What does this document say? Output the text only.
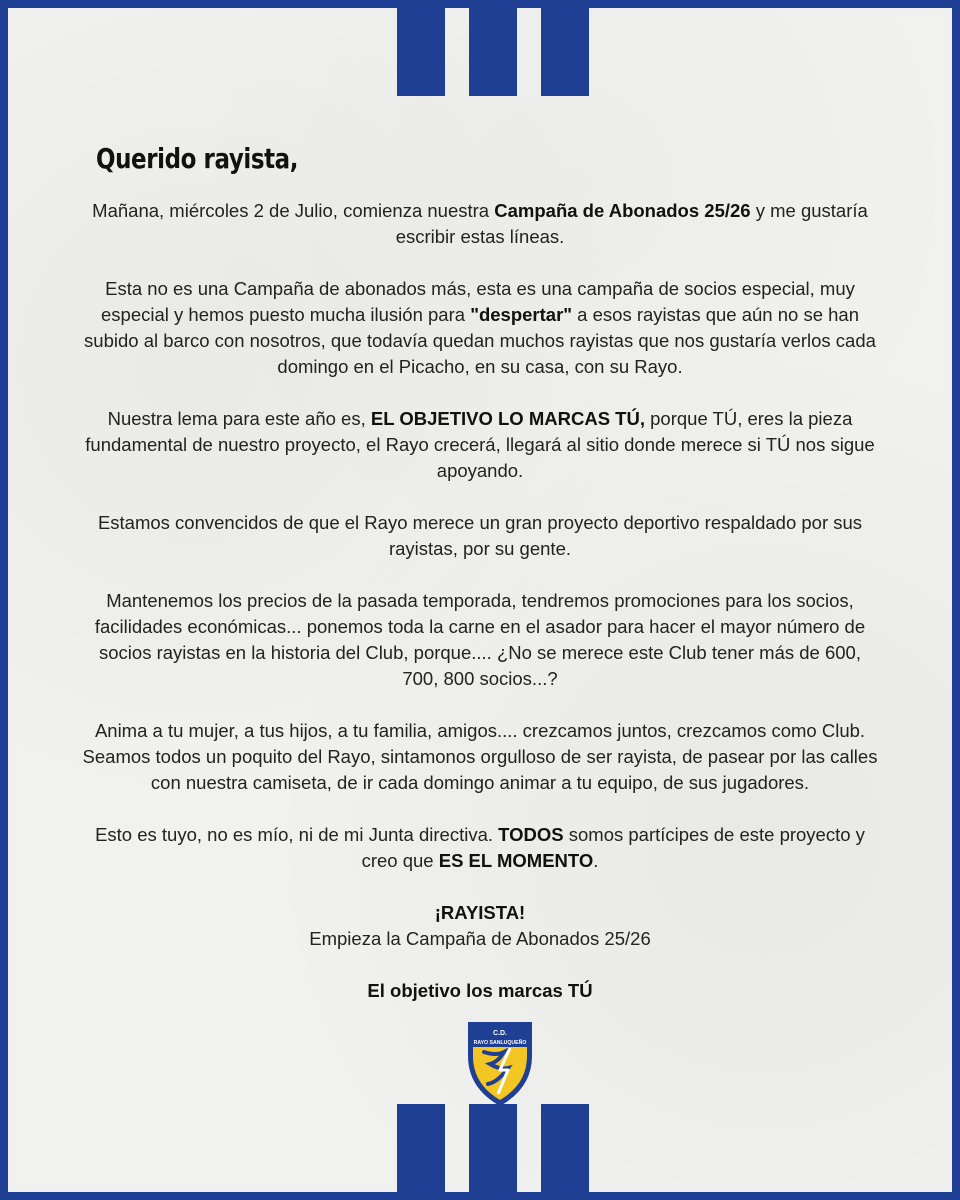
Querido rayista,

Mañana, miércoles 2 de Julio, comienza nuestra Campaña de Abonados 25/26 y me gustaría escribir estas líneas.

Esta no es una Campaña de abonados más, esta es una campaña de socios especial, muy especial y hemos puesto mucha ilusión para "despertar" a esos rayistas que aún no se han subido al barco con nosotros, que todavía quedan muchos rayistas que nos gustaría verlos cada domingo en el Picacho, en su casa, con su Rayo.

Nuestra lema para este año es, EL OBJETIVO LO MARCAS TÚ, porque TÚ, eres la pieza fundamental de nuestro proyecto, el Rayo crecerá, llegará al sitio donde merece si TÚ nos sigue apoyando.

Estamos convencidos de que el Rayo merece un gran proyecto deportivo respaldado por sus rayistas, por su gente.

Mantenemos los precios de la pasada temporada, tendremos promociones para los socios, facilidades económicas... ponemos toda la carne en el asador para hacer el mayor número de socios rayistas en la historia del Club, porque.... ¿No se merece este Club tener más de 600, 700, 800 socios...?

Anima a tu mujer, a tus hijos, a tu familia, amigos.... crezcamos juntos, crezcamos como Club. Seamos todos un poquito del Rayo, sintamonos orgulloso de ser rayista, de pasear por las calles con nuestra camiseta, de ir cada domingo animar a tu equipo, de sus jugadores.

Esto es tuyo, no es mío, ni de mi Junta directiva. TODOS somos partícipes de este proyecto y creo que ES EL MOMENTO.

¡RAYISTA!
Empieza la Campaña de Abonados 25/26

El objetivo los marcas TÚ

C.D.
RAYO SANLUQUEÑO
